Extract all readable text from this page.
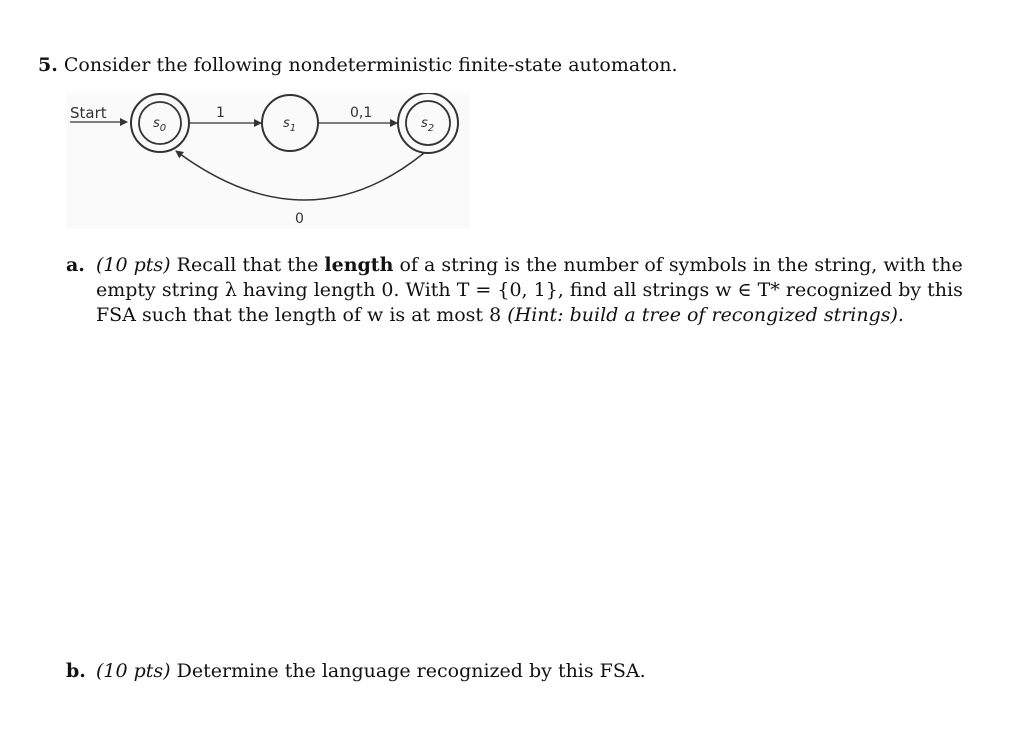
5. Consider the following nondeterministic finite-state automaton.
Start
$s_0$
1
$s_1$
0,1
$s_2$
0
a. (10 pts) Recall that the length of a string is the number of symbols in the string, with the
empty string λ having length 0. With T = {0, 1}, find all strings w ∈ T* recognized by this
FSA such that the length of w is at most 8 (Hint: build a tree of recongized strings).
b. (10 pts) Determine the language recognized by this FSA.
